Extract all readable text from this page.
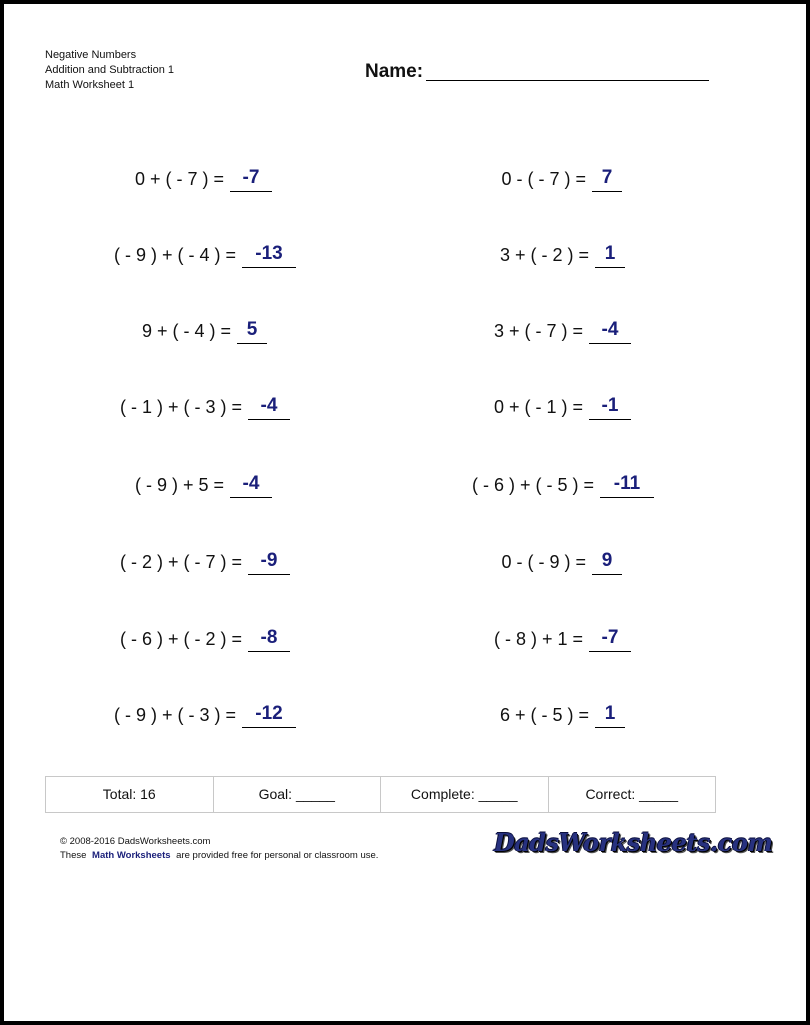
Negative Numbers
Addition and Subtraction 1
Math Worksheet 1
Name:
0 + ( - 7 ) = -7
( - 9 ) + ( - 4 ) =	-13
9 + ( - 4 ) = 5
( - 1 ) + ( - 3 ) = -4
( - 9 ) + 5 = -4
( - 2 ) + ( - 7 ) = -9
( - 6 ) + ( - 2 ) = -8
( - 9 ) + ( - 3 ) =	-12
0 - ( - 7 ) = 7
3 + ( - 2 ) = 1
3 + ( - 7 ) = -4
0 + ( - 1 ) = -1
( - 6 ) + ( - 5 ) =	-11
0 - ( - 9 ) = 9
( - 8 ) + 1 = -7
6 + ( - 5 ) = 1
Total: 16	Goal: _____	Complete: _____	Correct: _____
© 2008-2016 DadsWorksheets.com
These Math Worksheets are provided free for personal or classroom use.	DadsWorksheets.com
